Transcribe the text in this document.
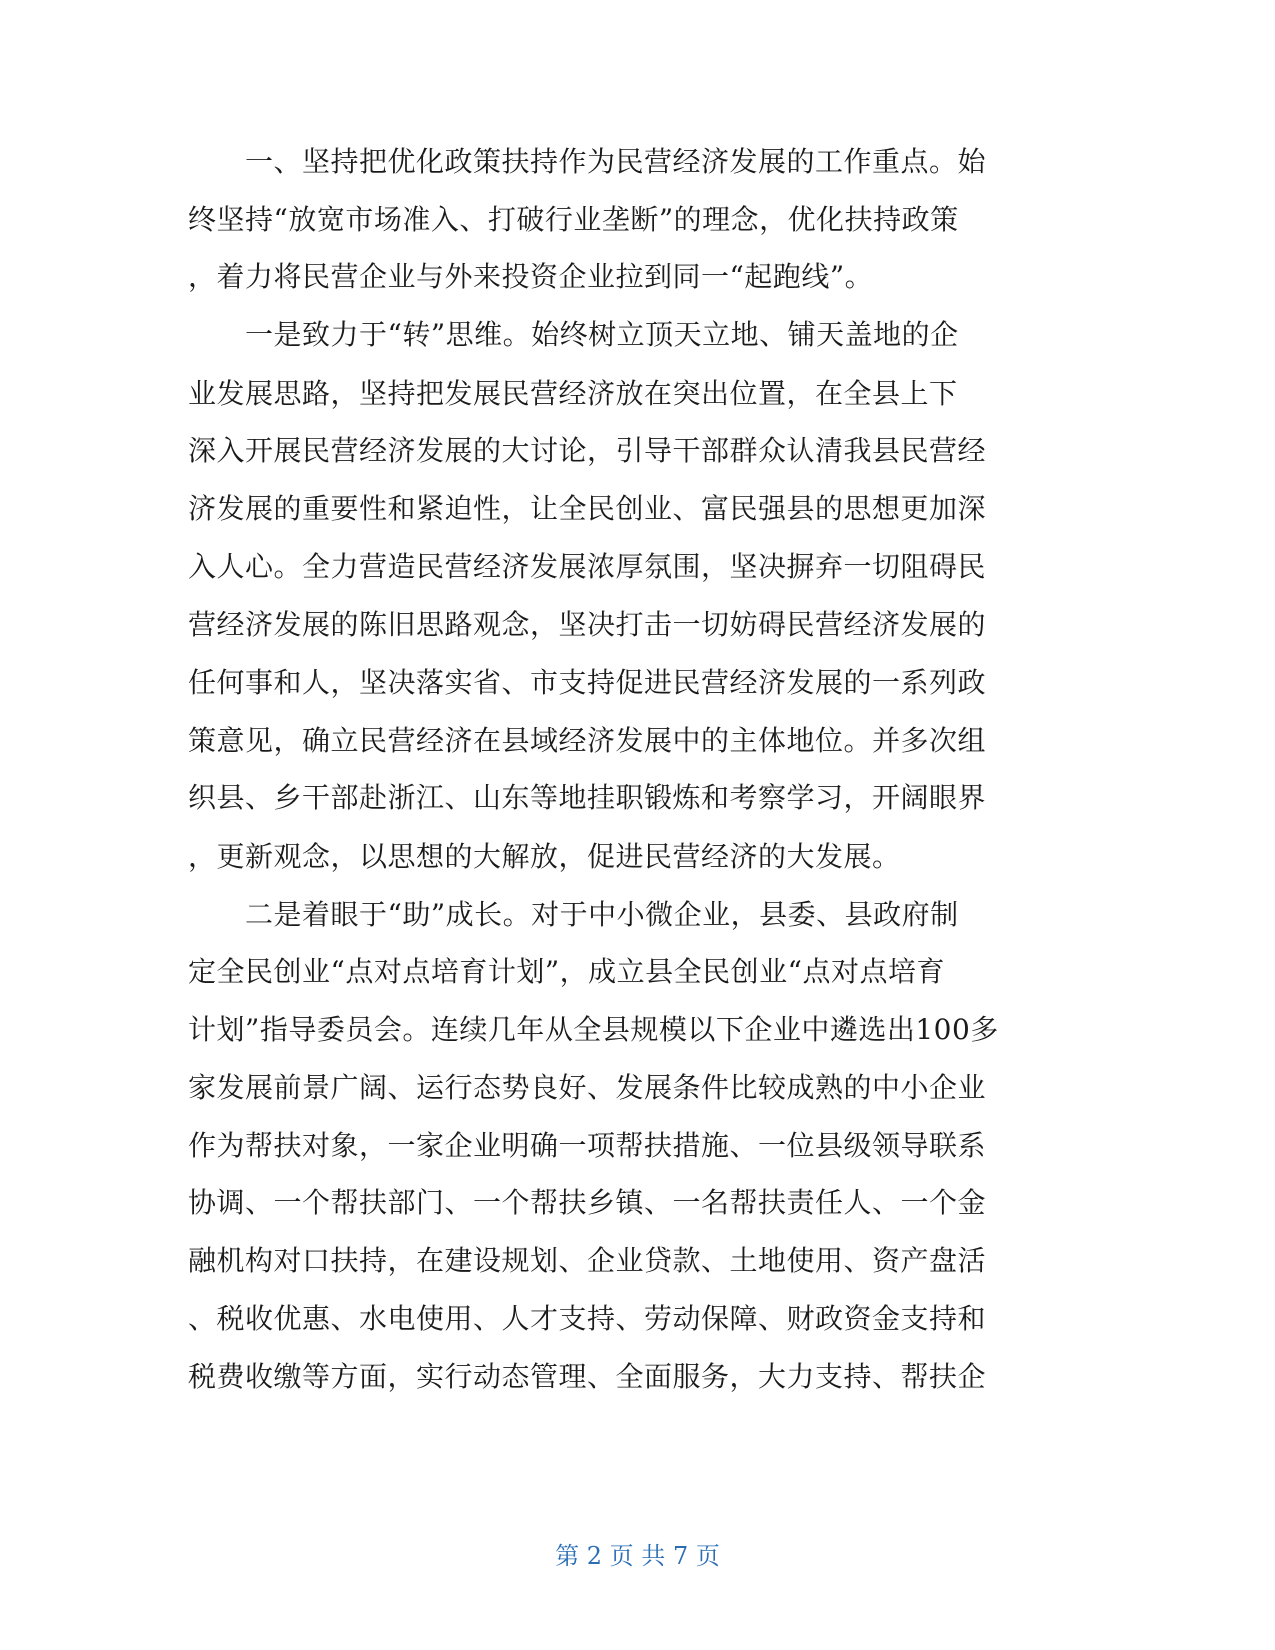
　　一、坚持把优化政策扶持作为民营经济发展的工作重点。始
终坚持“放宽市场准入、打破行业垄断”的理念，优化扶持政策
，着力将民营企业与外来投资企业拉到同一“起跑线”。
　　一是致力于“转”思维。始终树立顶天立地、铺天盖地的企
业发展思路，坚持把发展民营经济放在突出位置，在全县上下
深入开展民营经济发展的大讨论，引导干部群众认清我县民营经
济发展的重要性和紧迫性，让全民创业、富民强县的思想更加深
入人心。全力营造民营经济发展浓厚氛围，坚决摒弃一切阻碍民
营经济发展的陈旧思路观念，坚决打击一切妨碍民营经济发展的
任何事和人，坚决落实省、市支持促进民营经济发展的一系列政
策意见，确立民营经济在县域经济发展中的主体地位。并多次组
织县、乡干部赴浙江、山东等地挂职锻炼和考察学习，开阔眼界
，更新观念，以思想的大解放，促进民营经济的大发展。
　　二是着眼于“助”成长。对于中小微企业，县委、县政府制
定全民创业“点对点培育计划”，成立县全民创业“点对点培育
计划”指导委员会。连续几年从全县规模以下企业中遴选出100多
家发展前景广阔、运行态势良好、发展条件比较成熟的中小企业
作为帮扶对象，一家企业明确一项帮扶措施、一位县级领导联系
协调、一个帮扶部门、一个帮扶乡镇、一名帮扶责任人、一个金
融机构对口扶持，在建设规划、企业贷款、土地使用、资产盘活
、税收优惠、水电使用、人才支持、劳动保障、财政资金支持和
税费收缴等方面，实行动态管理、全面服务，大力支持、帮扶企
第 2 页 共 7 页
